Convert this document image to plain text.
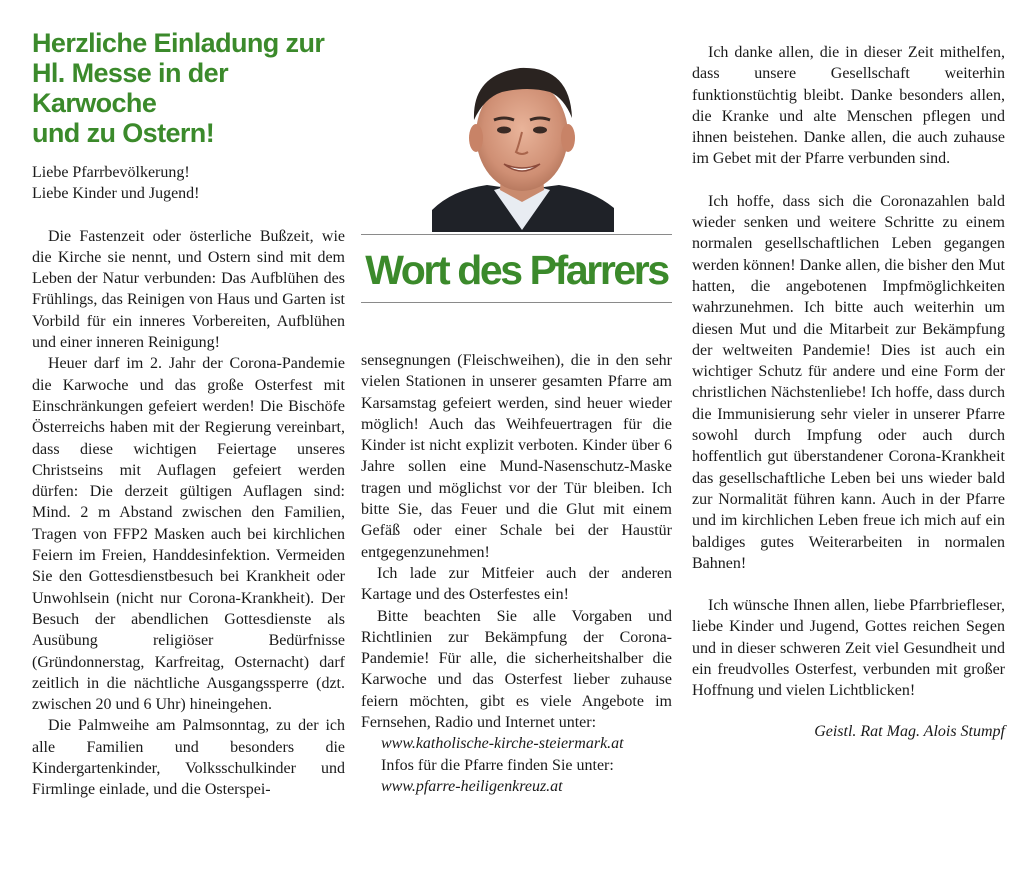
Herzliche Einladung zur
Hl. Messe in der Karwoche
und zu Ostern!

Liebe Pfarrbevölkerung!

Liebe Kinder und Jugend!

Die Fastenzeit oder österliche Bußzeit, wie die Kirche sie nennt, und Ostern sind mit dem Leben der Natur verbunden: Das Aufblühen des Frühlings, das Reinigen von Haus und Garten ist Vorbild für ein inneres Vorbereiten, Aufblühen und einer inneren Reinigung!

Heuer darf im 2. Jahr der Corona-Pandemie die Karwoche und das große Osterfest mit Einschränkungen gefeiert werden! Die Bischöfe Österreichs haben mit der Regierung vereinbart, dass diese wichtigen Feiertage unseres Christseins mit Auflagen gefeiert werden dürfen: Die derzeit gültigen Auflagen sind: Mind. 2 m Abstand zwischen den Familien, Tragen von FFP2 Masken auch bei kirchlichen Feiern im Freien, Handdesinfektion. Vermeiden Sie den Gottesdienstbesuch bei Krankheit oder Unwohlsein (nicht nur Corona-Krankheit). Der Besuch der abendlichen Gottesdienste als Ausübung religiöser Bedürfnisse (Gründonnerstag, Karfreitag, Osternacht) darf zeitlich in die nächtliche Ausgangssperre (dzt. zwischen 20 und 6 Uhr) hineingehen.

Die Palmweihe am Palmsonntag, zu der ich alle Familien und besonders die Kindergartenkinder, Volksschulkinder und Firmlinge einlade, und die Osterspei-

Wort des Pfarrers

sensegnungen (Fleischweihen), die in den sehr vielen Stationen in unserer gesamten Pfarre am Karsamstag gefeiert werden, sind heuer wieder möglich! Auch das Weihfeuertragen für die Kinder ist nicht explizit verboten. Kinder über 6 Jahre sollen eine Mund-Nasenschutz-Maske tragen und möglichst vor der Tür bleiben. Ich bitte Sie, das Feuer und die Glut mit einem Gefäß oder einer Schale bei der Haustür entgegenzunehmen!

Ich lade zur Mitfeier auch der anderen Kartage und des Osterfestes ein!

Bitte beachten Sie alle Vorgaben und Richtlinien zur Bekämpfung der Corona-Pandemie! Für alle, die sicherheitshalber die Karwoche und das Osterfest lieber zuhause feiern möchten, gibt es viele Angebote im Fernsehen, Radio und Internet unter:

www.katholische-kirche-steiermark.at

Infos für die Pfarre finden Sie unter:

www.pfarre-heiligenkreuz.at

Ich danke allen, die in dieser Zeit mithelfen, dass unsere Gesellschaft weiterhin funktionstüchtig bleibt. Danke besonders allen, die Kranke und alte Menschen pflegen und ihnen beistehen. Danke allen, die auch zuhause im Gebet mit der Pfarre verbunden sind.

Ich hoffe, dass sich die Coronazahlen bald wieder senken und weitere Schritte zu einem normalen gesellschaftlichen Leben gegangen werden können! Danke allen, die bisher den Mut hatten, die angebotenen Impfmöglichkeiten wahrzunehmen. Ich bitte auch weiterhin um diesen Mut und die Mitarbeit zur Bekämpfung der weltweiten Pandemie! Dies ist auch ein wichtiger Schutz für andere und eine Form der christlichen Nächstenliebe! Ich hoffe, dass durch die Immunisierung sehr vieler in unserer Pfarre sowohl durch Impfung oder auch durch hoffentlich gut überstandener Corona-Krankheit das gesellschaftliche Leben bei uns wieder bald zur Normalität führen kann. Auch in der Pfarre und im kirchlichen Leben freue ich mich auf ein baldiges gutes Weiterarbeiten in normalen Bahnen!

Ich wünsche Ihnen allen, liebe Pfarrbriefleser, liebe Kinder und Jugend, Gottes reichen Segen und in dieser schweren Zeit viel Gesundheit und ein freudvolles Osterfest, verbunden mit großer Hoffnung und vielen Lichtblicken!

Geistl. Rat Mag. Alois Stumpf
